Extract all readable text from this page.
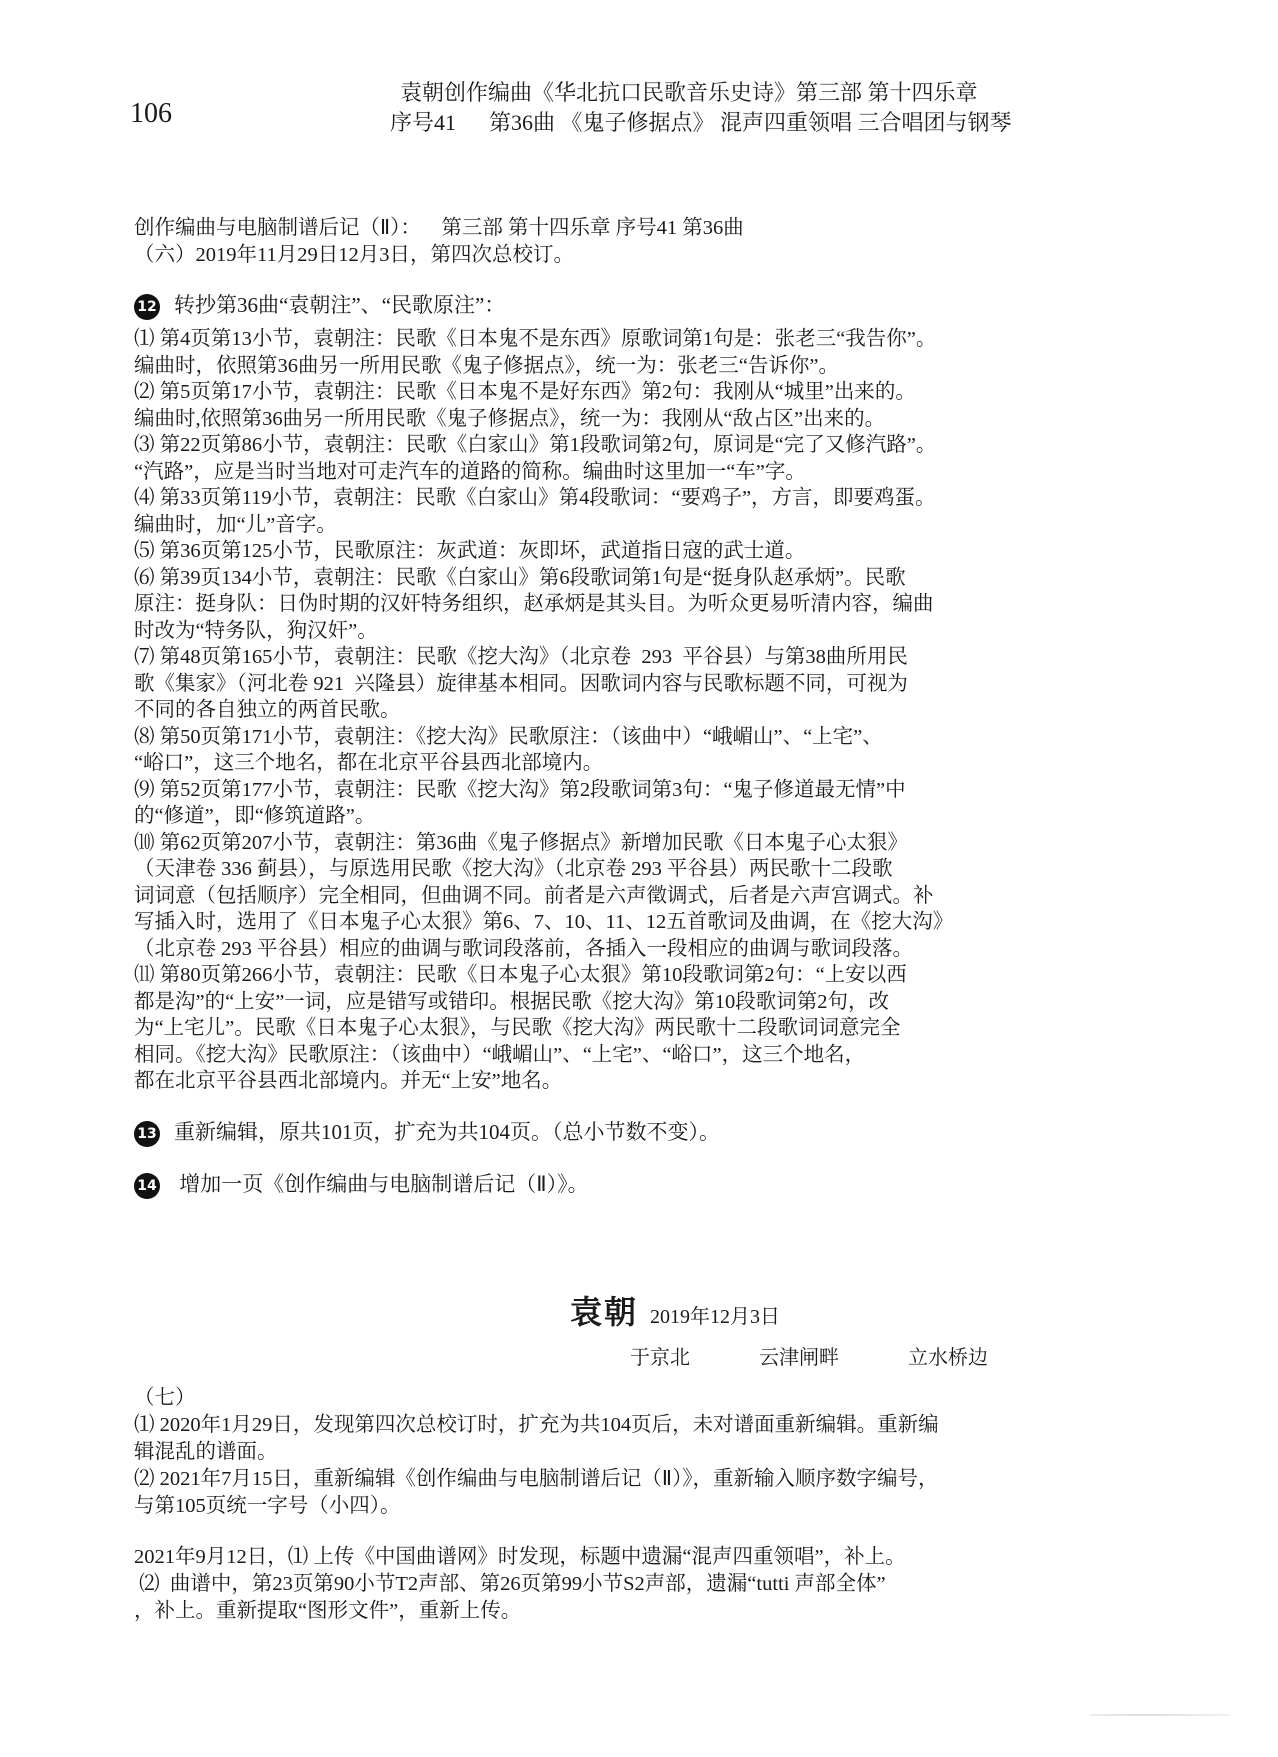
106
袁朝创作编曲《华北抗口民歌音乐史诗》第三部 第十四乐章
序号41      第36曲 《鬼子修据点》 混声四重领唱 三合唱团与钢琴
创作编曲与电脑制谱后记（Ⅱ）：    第三部 第十四乐章 序号41 第36曲
（六）2019年11月29日12月3日，第四次总校订。
12 转抄第36曲“袁朝注”、“民歌原注”：
⑴ 第4页第13小节，袁朝注：民歌《日本鬼不是东西》原歌词第1句是：张老三“我告你”。
编曲时，依照第36曲另一所用民歌《鬼子修据点》，统一为：张老三“告诉你”。
⑵ 第5页第17小节，袁朝注：民歌《日本鬼不是好东西》第2句：我刚从“城里”出来的。
编曲时,依照第36曲另一所用民歌《鬼子修据点》，统一为：我刚从“敌占区”出来的。
⑶ 第22页第86小节，袁朝注：民歌《白家山》第1段歌词第2句，原词是“完了又修汽路”。
“汽路”，应是当时当地对可走汽车的道路的简称。编曲时这里加一“车”字。
⑷ 第33页第119小节，袁朝注：民歌《白家山》第4段歌词：“要鸡子”，方言，即要鸡蛋。
编曲时，加“儿”音字。
⑸ 第36页第125小节，民歌原注：灰武道：灰即坏，武道指日寇的武士道。
⑹ 第39页134小节，袁朝注：民歌《白家山》第6段歌词第1句是“挺身队赵承炳”。民歌
原注：挺身队：日伪时期的汉奸特务组织，赵承炳是其头目。为听众更易听清内容，编曲
时改为“特务队，狗汉奸”。
⑺ 第48页第165小节，袁朝注：民歌《挖大沟》（北京卷  293  平谷县）与第38曲所用民
歌《集家》（河北卷 921  兴隆县）旋律基本相同。因歌词内容与民歌标题不同，可视为
不同的各自独立的两首民歌。
⑻ 第50页第171小节，袁朝注：《挖大沟》民歌原注：（该曲中）“峨嵋山”、“上宅”、
“峪口”，这三个地名，都在北京平谷县西北部境内。
⑼ 第52页第177小节，袁朝注：民歌《挖大沟》第2段歌词第3句：“鬼子修道最无情”中
的“修道”，即“修筑道路”。
⑽ 第62页第207小节，袁朝注：第36曲《鬼子修据点》新增加民歌《日本鬼子心太狠》
（天津卷 336 蓟县），与原选用民歌《挖大沟》（北京卷 293 平谷县）两民歌十二段歌
词词意（包括顺序）完全相同，但曲调不同。前者是六声徵调式，后者是六声宫调式。补
写插入时，选用了《日本鬼子心太狠》第6、7、10、11、12五首歌词及曲调，在《挖大沟》
（北京卷 293 平谷县）相应的曲调与歌词段落前，各插入一段相应的曲调与歌词段落。
⑾ 第80页第266小节，袁朝注：民歌《日本鬼子心太狠》第10段歌词第2句：“上安以西
都是沟”的“上安”一词，应是错写或错印。根据民歌《挖大沟》第10段歌词第2句，改
为“上宅儿”。民歌《日本鬼子心太狠》，与民歌《挖大沟》两民歌十二段歌词词意完全
相同。《挖大沟》民歌原注：（该曲中）“峨嵋山”、“上宅”、“峪口”，这三个地名，
都在北京平谷县西北部境内。并无“上安”地名。
13 重新编辑，原共101页，扩充为共104页。（总小节数不变）。
14 增加一页《创作编曲与电脑制谱后记（Ⅱ）》。
袁朝 2019年12月3日
于京北   云津闸畔   立水桥边
（七）
⑴ 2020年1月29日，发现第四次总校订时，扩充为共104页后，未对谱面重新编辑。重新编
辑混乱的谱面。
⑵ 2021年7月15日，重新编辑《创作编曲与电脑制谱后记（Ⅱ）》，重新输入顺序数字编号，
与第105页统一字号（小四）。
2021年9月12日，⑴ 上传《中国曲谱网》时发现，标题中遗漏“混声四重领唱”，补上。
⑵  曲谱中，第23页第90小节T2声部、第26页第99小节S2声部，遗漏“tutti 声部全体”
，补上。重新提取“图形文件”，重新上传。
